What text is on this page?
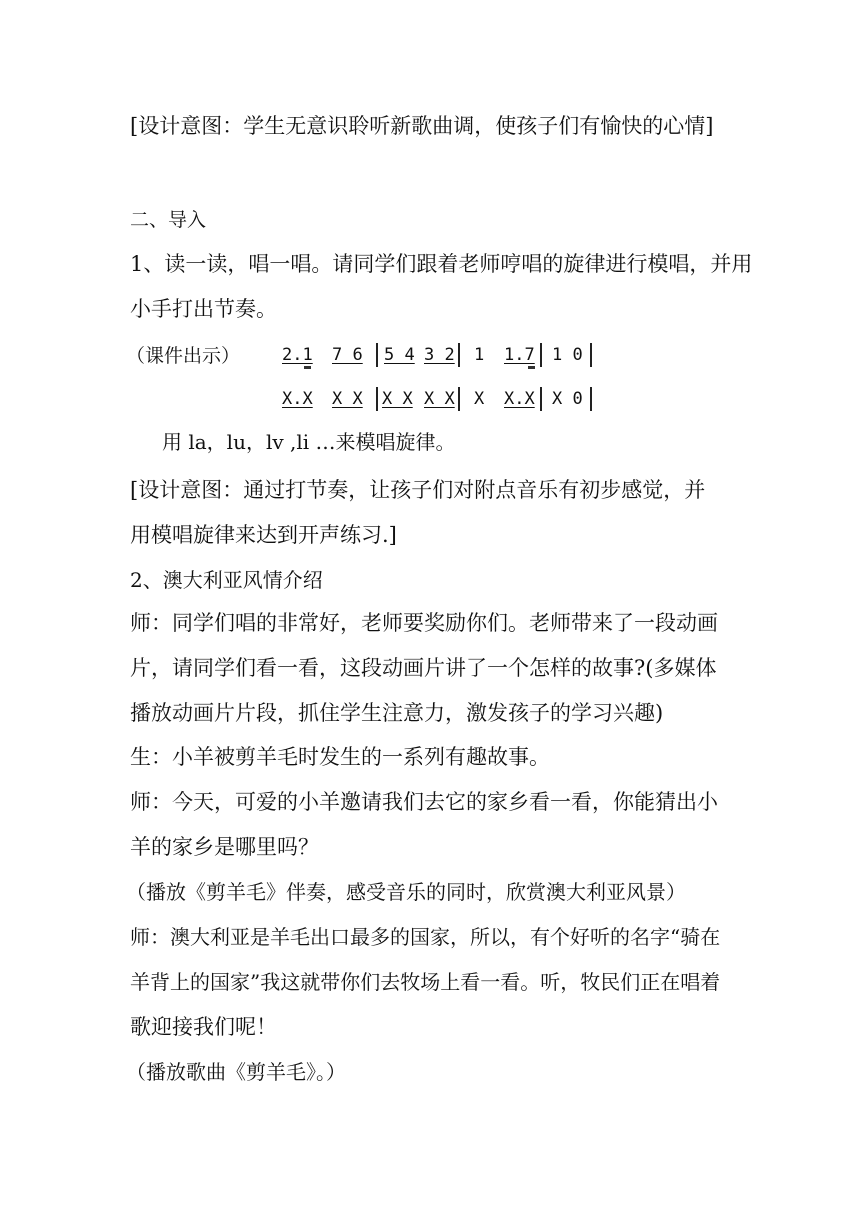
[设计意图：学生无意识聆听新歌曲调，使孩子们有愉快的心情]
二、导入
1、读一读，唱一唱。请同学们跟着老师哼唱的旋律进行模唱，并用
小手打出节奏。
（课件出示） 2.1 7 6 5 4 3 2 1 1.7 1 0
X.X X X X X X X X X.X X 0
用 la，lu，lv ,li …来模唱旋律。
[设计意图：通过打节奏，让孩子们对附点音乐有初步感觉，并
用模唱旋律来达到开声练习.]
2、澳大利亚风情介绍
师：同学们唱的非常好，老师要奖励你们。老师带来了一段动画
片，请同学们看一看，这段动画片讲了一个怎样的故事?(多媒体
播放动画片片段，抓住学生注意力，激发孩子的学习兴趣)
生：小羊被剪羊毛时发生的一系列有趣故事。
师：今天，可爱的小羊邀请我们去它的家乡看一看，你能猜出小
羊的家乡是哪里吗？
（播放《剪羊毛》伴奏，感受音乐的同时，欣赏澳大利亚风景）
师：澳大利亚是羊毛出口最多的国家，所以，有个好听的名字“骑在
羊背上的国家”我这就带你们去牧场上看一看。听，牧民们正在唱着
歌迎接我们呢！
（播放歌曲《剪羊毛》。）
